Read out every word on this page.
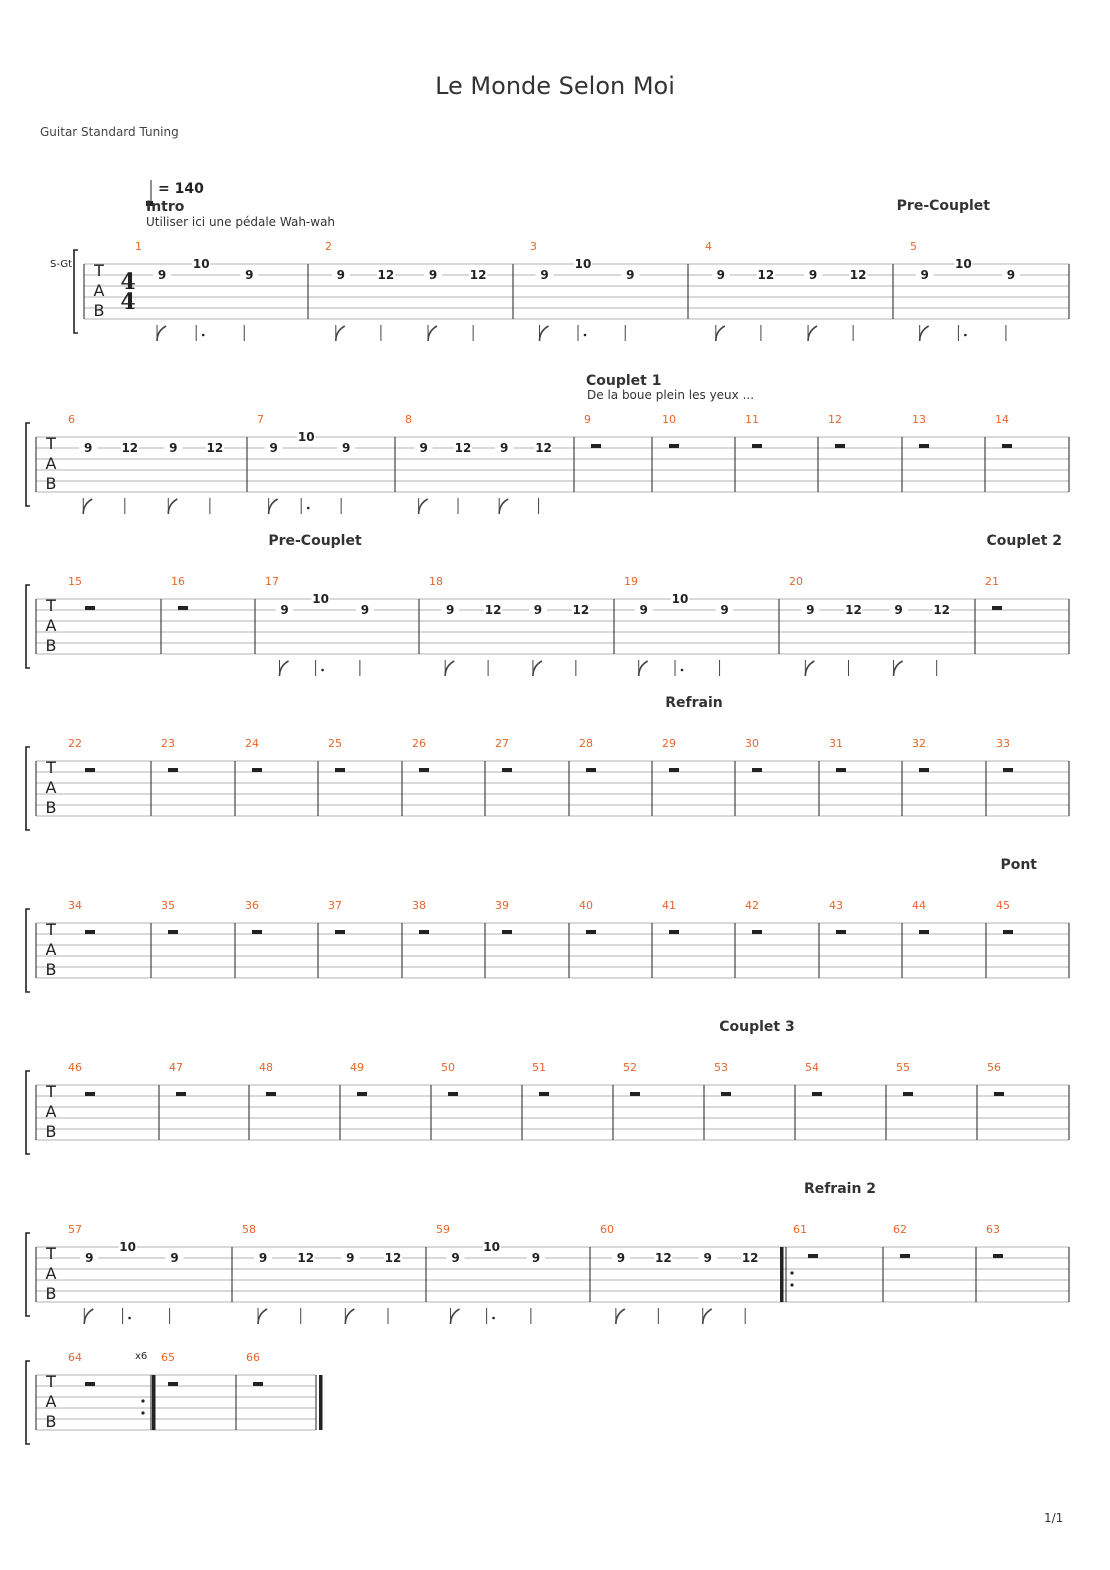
Le Monde Selon Moi
Guitar Standard Tuning
1/1
T
A
B
S-Gt
4
4
1
9
10
9
2
9	12	9	12
3
9
10
9
4
9	12	9	12
5
9
10
9
Pre-Couplet
T
A
B
6
9 12	9 12
7
9
10
9
8
9 12 9 12
9
Couplet 1
De la boue plein les yeux ...
10	11	12	13	14
T
A
B
15	16	17
9
10
9
Pre-Couplet
18
9	12	9	12
19
9
10
9
20
9	12	9	12
21
Couplet 2
T
A
B
22	23	24	25	26	27	28	29
Refrain
30	31	32	33
T
A
B
34	35	36	37	38	39	40	41	42	43	44	45
Pont
T
A
B
46	47	48	49	50	51	52	53
Couplet 3
54	55	56
T
A
B
57
9
10
9
58
9	12	9	12
59
9
10
9
60
9 12	9 12
61
Refrain 2
62	63
T
A
B
64	x6 65	66
= 140
Intro
Utiliser ici une pédale Wah-wah
